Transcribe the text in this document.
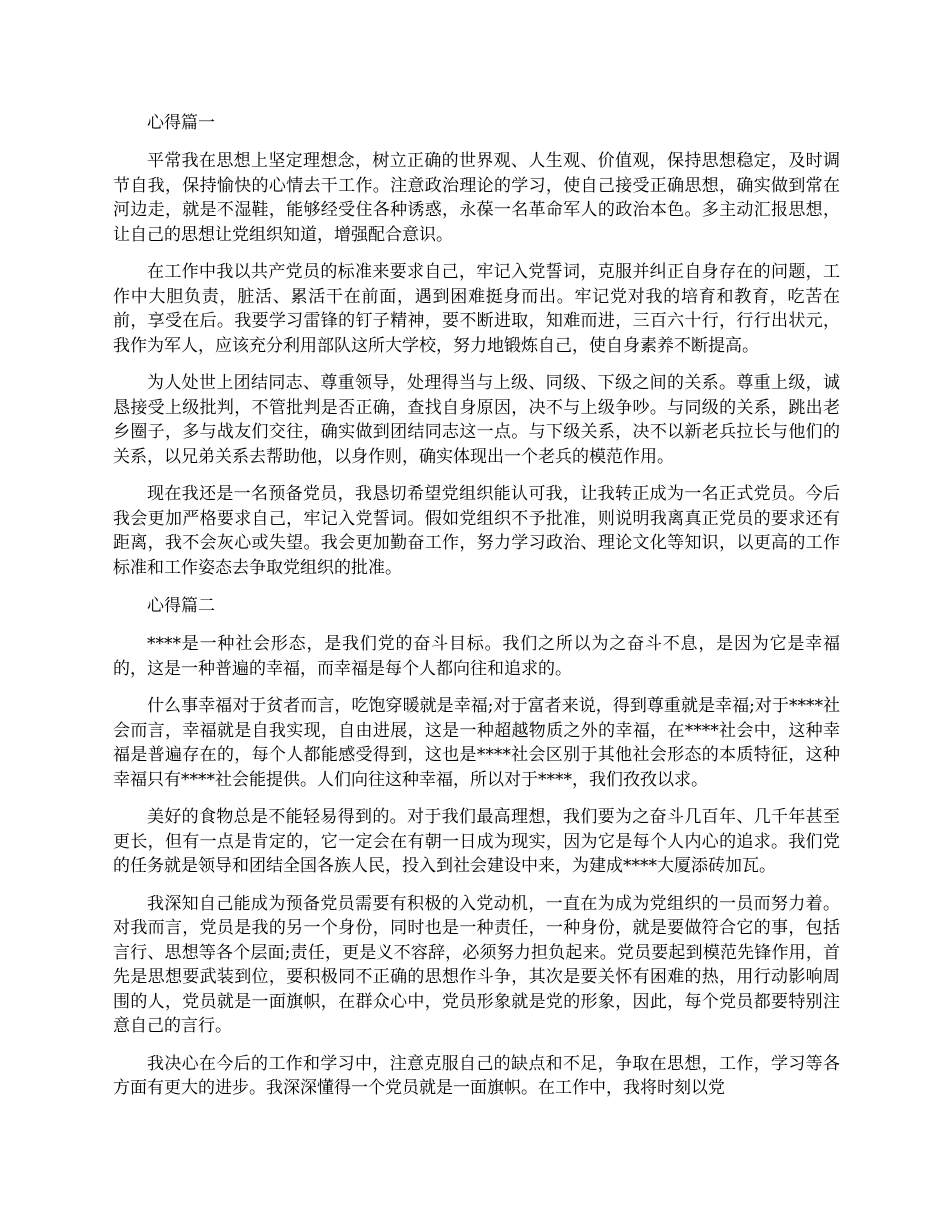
心得篇一

平常我在思想上坚定理想念，树立正确的世界观、人生观、价值观，保持思想稳定，及时调节自我，保持愉快的心情去干工作。注意政治理论的学习，使自己接受正确思想，确实做到常在河边走，就是不湿鞋，能够经受住各种诱惑，永葆一名革命军人的政治本色。多主动汇报思想，让自己的思想让党组织知道，增强配合意识。

在工作中我以共产党员的标准来要求自己，牢记入党誓词，克服并纠正自身存在的问题，工作中大胆负责，脏活、累活干在前面，遇到困难挺身而出。牢记党对我的培育和教育，吃苦在前，享受在后。我要学习雷锋的钉子精神，要不断进取，知难而进，三百六十行，行行出状元，我作为军人，应该充分利用部队这所大学校，努力地锻炼自己，使自身素养不断提高。

为人处世上团结同志、尊重领导，处理得当与上级、同级、下级之间的关系。尊重上级，诚恳接受上级批判，不管批判是否正确，查找自身原因，决不与上级争吵。与同级的关系，跳出老乡圈子，多与战友们交往，确实做到团结同志这一点。与下级关系，决不以新老兵拉长与他们的关系，以兄弟关系去帮助他，以身作则，确实体现出一个老兵的模范作用。

现在我还是一名预备党员，我恳切希望党组织能认可我，让我转正成为一名正式党员。今后我会更加严格要求自己，牢记入党誓词。假如党组织不予批准，则说明我离真正党员的要求还有距离，我不会灰心或失望。我会更加勤奋工作，努力学习政治、理论文化等知识，以更高的工作标准和工作姿态去争取党组织的批准。

心得篇二

****是一种社会形态，是我们党的奋斗目标。我们之所以为之奋斗不息，是因为它是幸福的，这是一种普遍的幸福，而幸福是每个人都向往和追求的。

什么事幸福对于贫者而言，吃饱穿暖就是幸福;对于富者来说，得到尊重就是幸福;对于****社会而言，幸福就是自我实现，自由进展，这是一种超越物质之外的幸福，在****社会中，这种幸福是普遍存在的，每个人都能感受得到，这也是****社会区别于其他社会形态的本质特征，这种幸福只有****社会能提供。人们向往这种幸福，所以对于****，我们孜孜以求。

美好的食物总是不能轻易得到的。对于我们最高理想，我们要为之奋斗几百年、几千年甚至更长，但有一点是肯定的，它一定会在有朝一日成为现实，因为它是每个人内心的追求。我们党的任务就是领导和团结全国各族人民，投入到社会建设中来，为建成****大厦添砖加瓦。

我深知自己能成为预备党员需要有积极的入党动机，一直在为成为党组织的一员而努力着。对我而言，党员是我的另一个身份，同时也是一种责任，一种身份，就是要做符合它的事，包括言行、思想等各个层面;责任，更是义不容辞，必须努力担负起来。党员要起到模范先锋作用，首先是思想要武装到位，要积极同不正确的思想作斗争，其次是要关怀有困难的热，用行动影响周围的人，党员就是一面旗帜，在群众心中，党员形象就是党的形象，因此，每个党员都要特别注意自己的言行。

我决心在今后的工作和学习中，注意克服自己的缺点和不足，争取在思想，工作，学习等各方面有更大的进步。我深深懂得一个党员就是一面旗帜。在工作中，我将时刻以党
